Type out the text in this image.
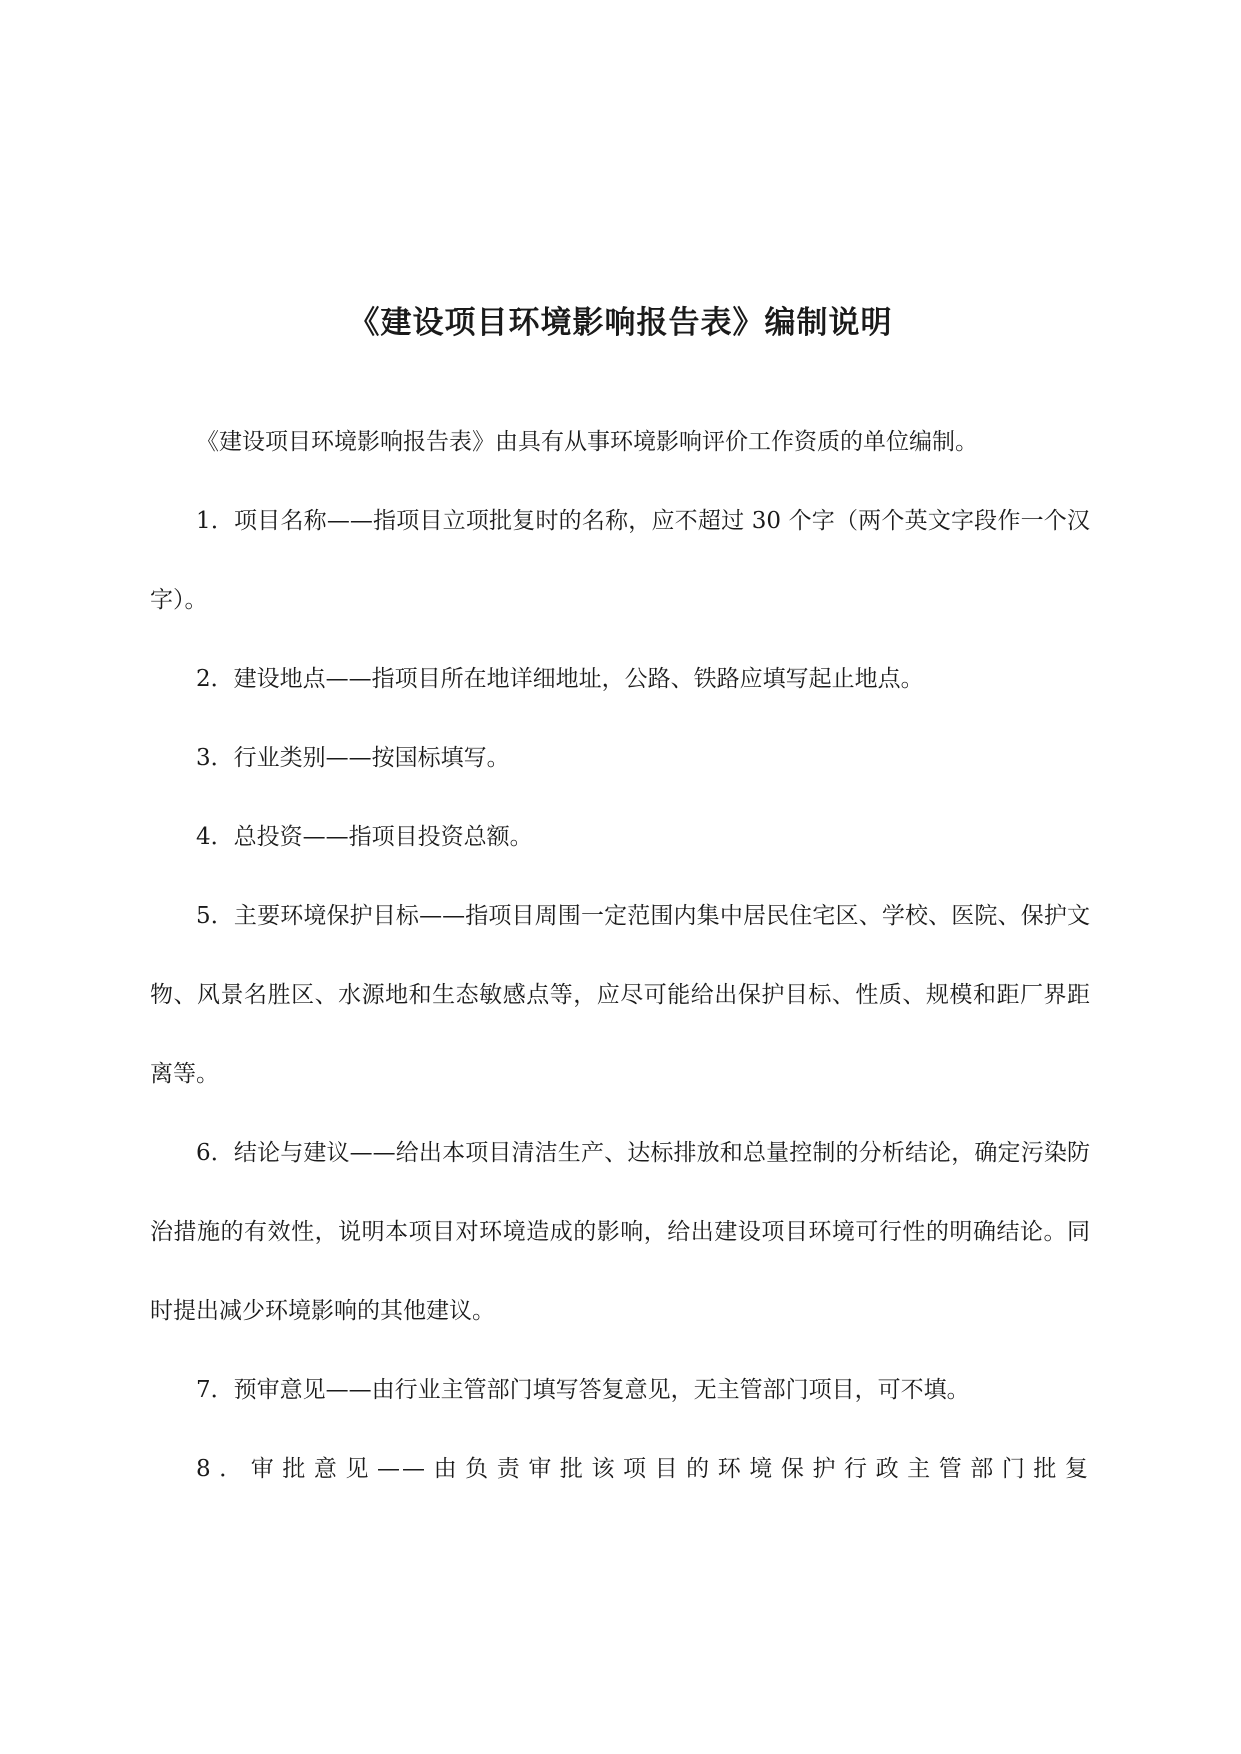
《建设项目环境影响报告表》编制说明

《建设项目环境影响报告表》由具有从事环境影响评价工作资质的单位编制。

1．项目名称——指项目立项批复时的名称，应不超过 30 个字（两个英文字段作一个汉字）。

2．建设地点——指项目所在地详细地址，公路、铁路应填写起止地点。

3．行业类别——按国标填写。

4．总投资——指项目投资总额。

5．主要环境保护目标——指项目周围一定范围内集中居民住宅区、学校、医院、保护文物、风景名胜区、水源地和生态敏感点等，应尽可能给出保护目标、性质、规模和距厂界距离等。

6．结论与建议——给出本项目清洁生产、达标排放和总量控制的分析结论，确定污染防治措施的有效性，说明本项目对环境造成的影响，给出建设项目环境可行性的明确结论。同时提出减少环境影响的其他建议。

7．预审意见——由行业主管部门填写答复意见，无主管部门项目，可不填。

8．审批意见——由负责审批该项目的环境保护行政主管部门批复
